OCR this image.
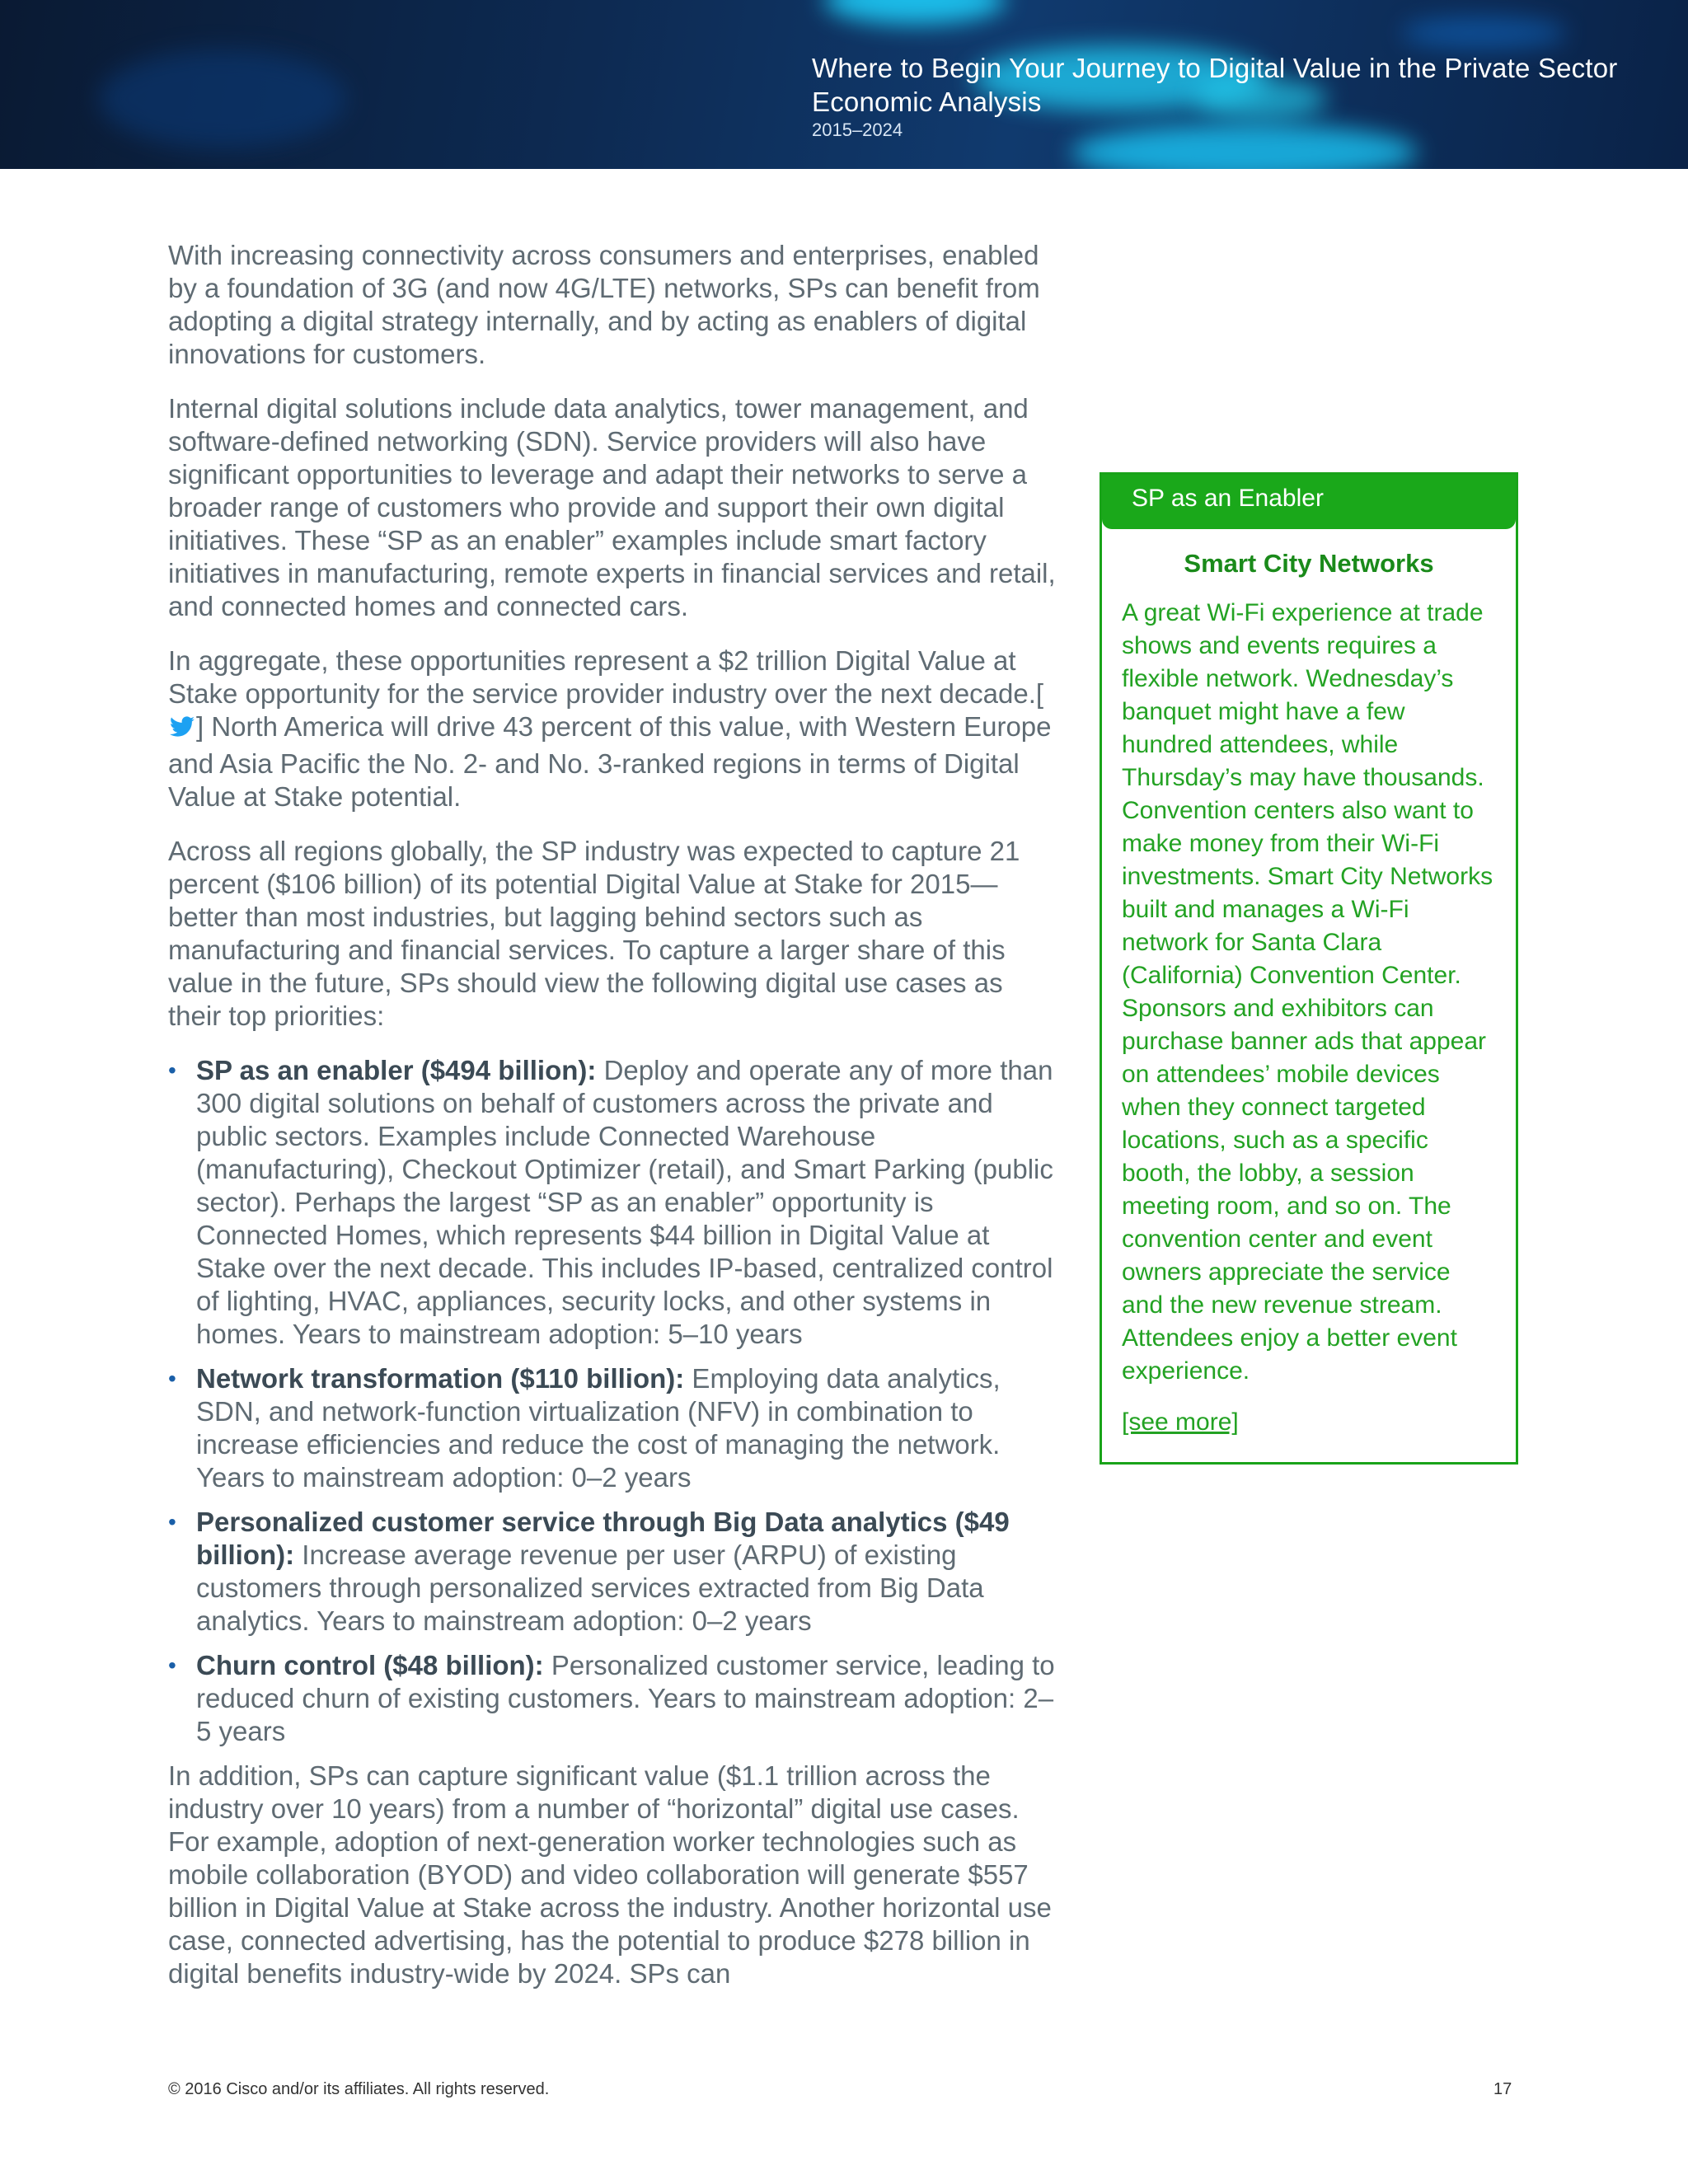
Where to Begin Your Journey to Digital Value in the Private Sector
Economic Analysis
2015–2024

With increasing connectivity across consumers and enterprises, enabled by a foundation of 3G (and now 4G/LTE) networks, SPs can benefit from adopting a digital strategy internally, and by acting as enablers of digital innovations for customers.

Internal digital solutions include data analytics, tower management, and software-defined networking (SDN). Service providers will also have significant opportunities to leverage and adapt their networks to serve a broader range of customers who provide and support their own digital initiatives. These “SP as an enabler” examples include smart factory initiatives in manufacturing, remote experts in financial services and retail, and connected homes and connected cars.

In aggregate, these opportunities represent a $2 trillion Digital Value at Stake opportunity for the service provider industry over the next decade.[] North America will drive 43 percent of this value, with Western Europe and Asia Pacific the No. 2- and No. 3-ranked regions in terms of Digital Value at Stake potential.

Across all regions globally, the SP industry was expected to capture 21 percent ($106 billion) of its potential Digital Value at Stake for 2015—better than most industries, but lagging behind sectors such as manufacturing and financial services. To capture a larger share of this value in the future, SPs should view the following digital use cases as their top priorities:

• SP as an enabler ($494 billion): Deploy and operate any of more than 300 digital solutions on behalf of customers across the private and public sectors. Examples include Connected Warehouse (manufacturing), Checkout Optimizer (retail), and Smart Parking (public sector). Perhaps the largest “SP as an enabler” opportunity is Connected Homes, which represents $44 billion in Digital Value at Stake over the next decade. This includes IP-based, centralized control of lighting, HVAC, appliances, security locks, and other systems in homes. Years to mainstream adoption: 5–10 years
• Network transformation ($110 billion): Employing data analytics, SDN, and network-function virtualization (NFV) in combination to increase efficiencies and reduce the cost of managing the network. Years to mainstream adoption: 0–2 years
• Personalized customer service through Big Data analytics ($49 billion): Increase average revenue per user (ARPU) of existing customers through personalized services extracted from Big Data analytics. Years to mainstream adoption: 0–2 years
• Churn control ($48 billion): Personalized customer service, leading to reduced churn of existing customers. Years to mainstream adoption: 2–5 years

In addition, SPs can capture significant value ($1.1 trillion across the industry over 10 years) from a number of “horizontal” digital use cases. For example, adoption of next-generation worker technologies such as mobile collaboration (BYOD) and video collaboration will generate $557 billion in Digital Value at Stake across the industry. Another horizontal use case, connected advertising, has the potential to produce $278 billion in digital benefits industry-wide by 2024. SPs can

SP as an Enabler
Smart City Networks

A great Wi-Fi experience at trade shows and events requires a flexible network. Wednesday’s banquet might have a few hundred attendees, while Thursday’s may have thousands. Convention centers also want to make money from their Wi-Fi investments. Smart City Networks built and manages a Wi-Fi network for Santa Clara (California) Convention Center. Sponsors and exhibitors can purchase banner ads that appear on attendees’ mobile devices when they connect targeted locations, such as a specific booth, the lobby, a session meeting room, and so on. The convention center and event owners appreciate the service and the new revenue stream. Attendees enjoy a better event experience.

[see more]
© 2016 Cisco and/or its affiliates. All rights reserved.	17
